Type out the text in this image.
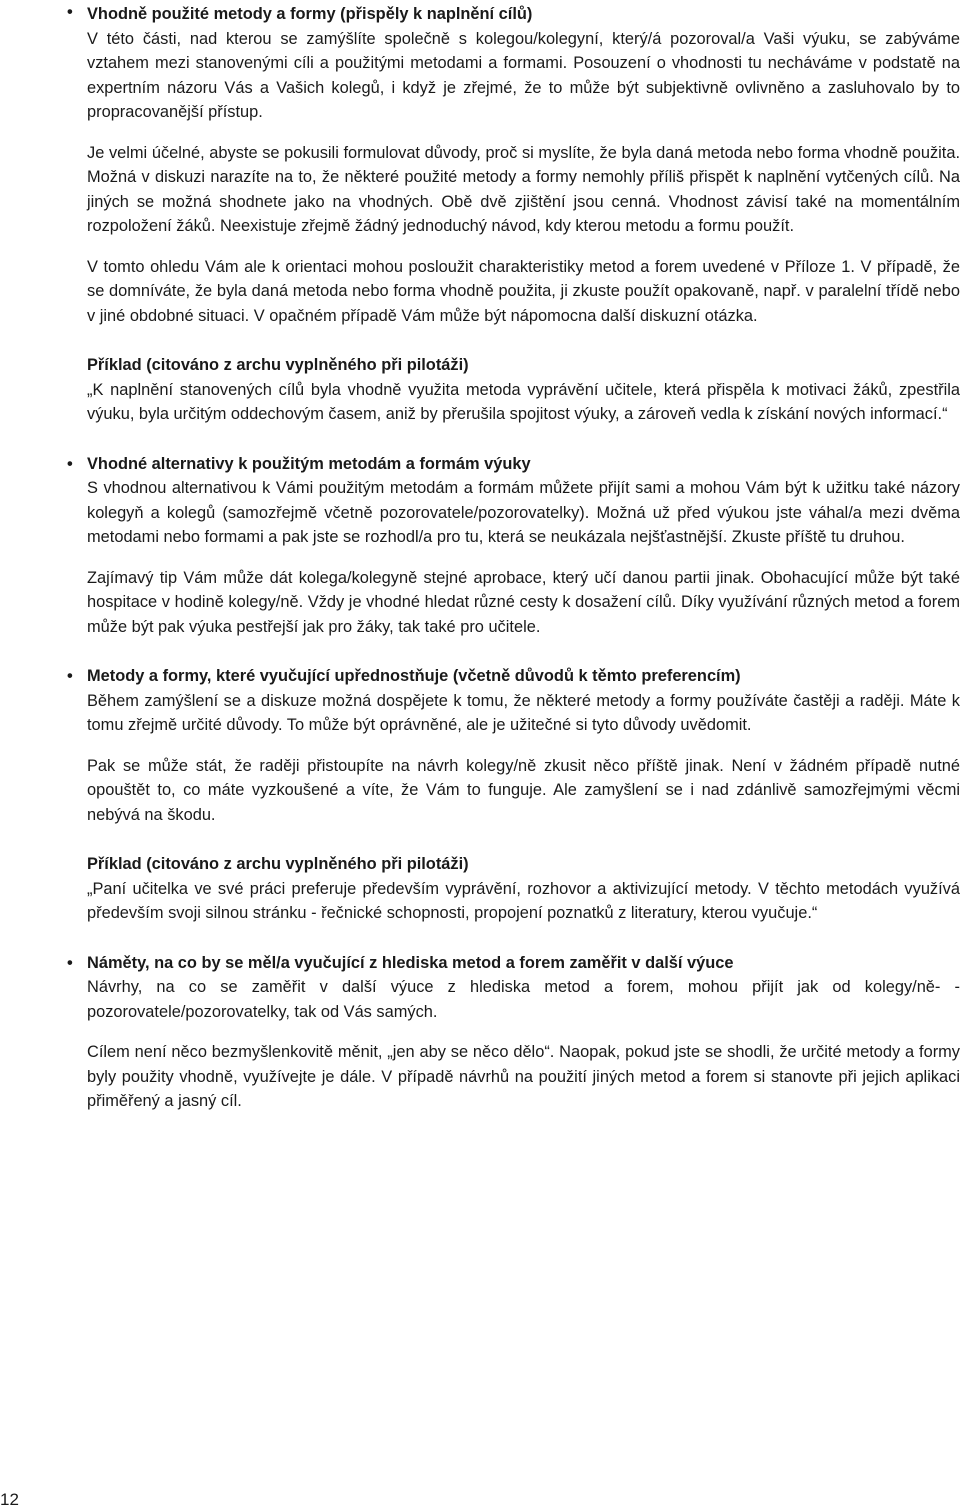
• Vhodně použité metody a formy (přispěly k naplnění cílů)

V této části, nad kterou se zamýšlíte společně s kolegou/kolegyní, který/á pozoroval/a Vaši výuku, se zabýváme vztahem mezi stanovenými cíli a použitými metodami a formami. Posouzení o vhodnosti tu necháváme v podstatě na expertním názoru Vás a Vašich kolegů, i když je zřejmé, že to může být subjektivně ovlivněno a zasluhovalo by to propracovanější přístup.

Je velmi účelné, abyste se pokusili formulovat důvody, proč si myslíte, že byla daná metoda nebo forma vhodně použita. Možná v diskuzi narazíte na to, že některé použité metody a formy nemohly příliš přispět k naplnění vytčených cílů. Na jiných se možná shodnete jako na vhodných. Obě dvě zjištění jsou cenná. Vhodnost závisí také na momentálním rozpoložení žáků. Neexistuje zřejmě žádný jednoduchý návod, kdy kterou metodu a formu použít.

V tomto ohledu Vám ale k orientaci mohou posloužit charakteristiky metod a forem uvedené v Příloze 1. V případě, že se domníváte, že byla daná metoda nebo forma vhodně použita, ji zkuste použít opakovaně, např. v paralelní třídě nebo v jiné obdobné situaci. V opačném případě Vám může být nápomocna další diskuzní otázka.

Příklad (citováno z archu vyplněného při pilotáži)

„K naplnění stanovených cílů byla vhodně využita metoda vyprávění učitele, která přispěla k motivaci žáků, zpestřila výuku, byla určitým oddechovým časem, aniž by přerušila spojitost výuky, a zároveň vedla k získání nových informací.“

• Vhodné alternativy k použitým metodám a formám výuky

S vhodnou alternativou k Vámi použitým metodám a formám můžete přijít sami a mohou Vám být k užitku také názory kolegyň a kolegů (samozřejmě včetně pozorovatele/pozorovatelky). Možná už před výukou jste váhal/a mezi dvěma metodami nebo formami a pak jste se rozhodl/a pro tu, která se neukázala nejšťastnější. Zkuste příště tu druhou.

Zajímavý tip Vám může dát kolega/kolegyně stejné aprobace, který učí danou partii jinak. Obohacující může být také hospitace v hodině kolegy/ně. Vždy je vhodné hledat různé cesty k dosažení cílů. Díky využívání různých metod a forem může být pak výuka pestřejší jak pro žáky, tak také pro učitele.

• Metody a formy, které vyučující upřednostňuje (včetně důvodů k těmto preferencím)

Během zamýšlení se a diskuze možná dospějete k tomu, že některé metody a formy používáte častěji a raději. Máte k tomu zřejmě určité důvody. To může být oprávněné, ale je užitečné si tyto důvody uvědomit.

Pak se může stát, že raději přistoupíte na návrh kolegy/ně zkusit něco příště jinak. Není v žádném případě nutné opouštět to, co máte vyzkoušené a víte, že Vám to funguje. Ale zamyšlení se i nad zdánlivě samozřejmými věcmi nebývá na škodu.

Příklad (citováno z archu vyplněného při pilotáži)

„Paní učitelka ve své práci preferuje především vyprávění, rozhovor a aktivizující metody. V těchto metodách využívá především svoji silnou stránku - řečnické schopnosti, propojení poznatků z literatury, kterou vyučuje.“

• Náměty, na co by se měl/a vyučující z hlediska metod a forem zaměřit v další výuce

Návrhy, na co se zaměřit v další výuce z hlediska metod a forem, mohou přijít jak od kolegy/ně- -pozorovatele/pozorovatelky, tak od Vás samých.

Cílem není něco bezmyšlenkovitě měnit, „jen aby se něco dělo“. Naopak, pokud jste se shodli, že určité metody a formy byly použity vhodně, využívejte je dále. V případě návrhů na použití jiných metod a forem si stanovte při jejich aplikaci přiměřený a jasný cíl.

12
